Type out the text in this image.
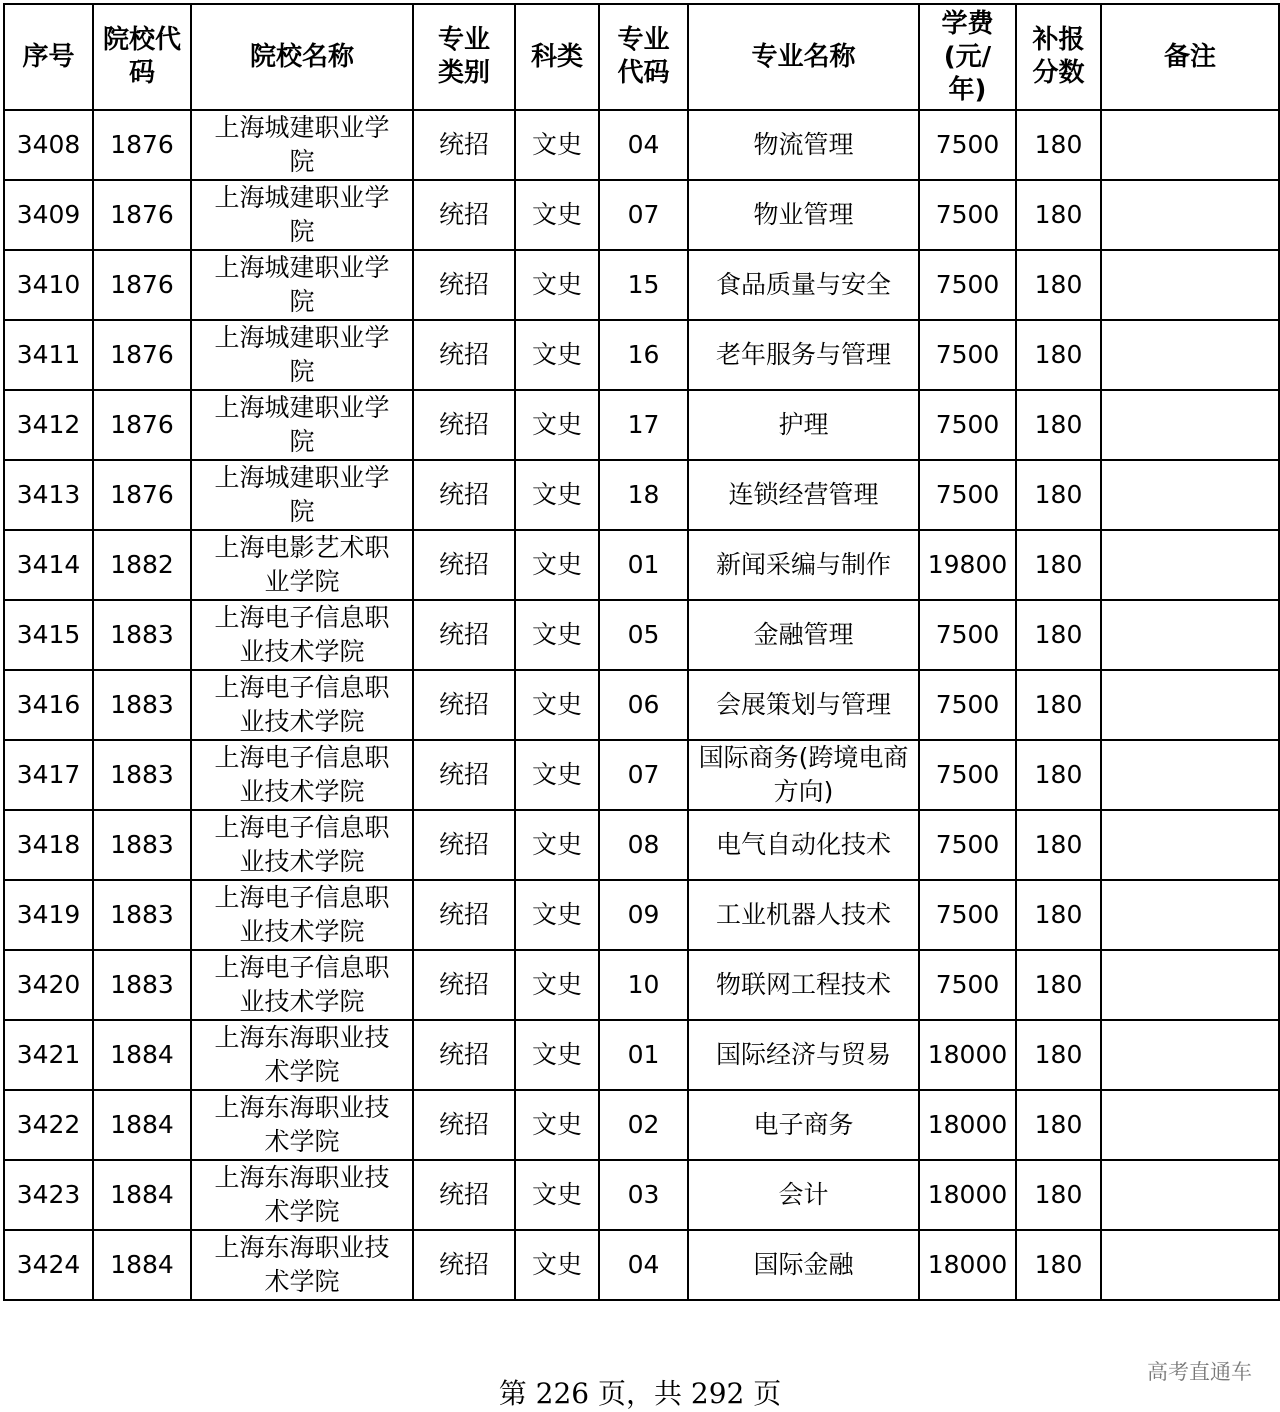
序号	院校代码	院校名称	专业类别	科类	专业代码	专业名称	学费(元/年)	补报分数	备注

3408	1876	上海城建职业学院	统招	文史	04	物流管理	7500	180	

3409	1876	上海城建职业学院	统招	文史	07	物业管理	7500	180	

3410	1876	上海城建职业学院	统招	文史	15	食品质量与安全	7500	180	

3411	1876	上海城建职业学院	统招	文史	16	老年服务与管理	7500	180	

3412	1876	上海城建职业学院	统招	文史	17	护理	7500	180	

3413	1876	上海城建职业学院	统招	文史	18	连锁经营管理	7500	180	

3414	1882	上海电影艺术职业学院	统招	文史	01	新闻采编与制作	19800	180	

3415	1883	上海电子信息职业技术学院	统招	文史	05	金融管理	7500	180	

3416	1883	上海电子信息职业技术学院	统招	文史	06	会展策划与管理	7500	180	

3417	1883	上海电子信息职业技术学院	统招	文史	07	国际商务(跨境电商方向)	7500	180	

3418	1883	上海电子信息职业技术学院	统招	文史	08	电气自动化技术	7500	180	

3419	1883	上海电子信息职业技术学院	统招	文史	09	工业机器人技术	7500	180	

3420	1883	上海电子信息职业技术学院	统招	文史	10	物联网工程技术	7500	180	

3421	1884	上海东海职业技术学院	统招	文史	01	国际经济与贸易	18000	180	

3422	1884	上海东海职业技术学院	统招	文史	02	电子商务	18000	180	

3423	1884	上海东海职业技术学院	统招	文史	03	会计	18000	180	

3424	1884	上海东海职业技术学院	统招	文史	04	国际金融	18000	180	

第 226 页，共 292 页
高考直通车
